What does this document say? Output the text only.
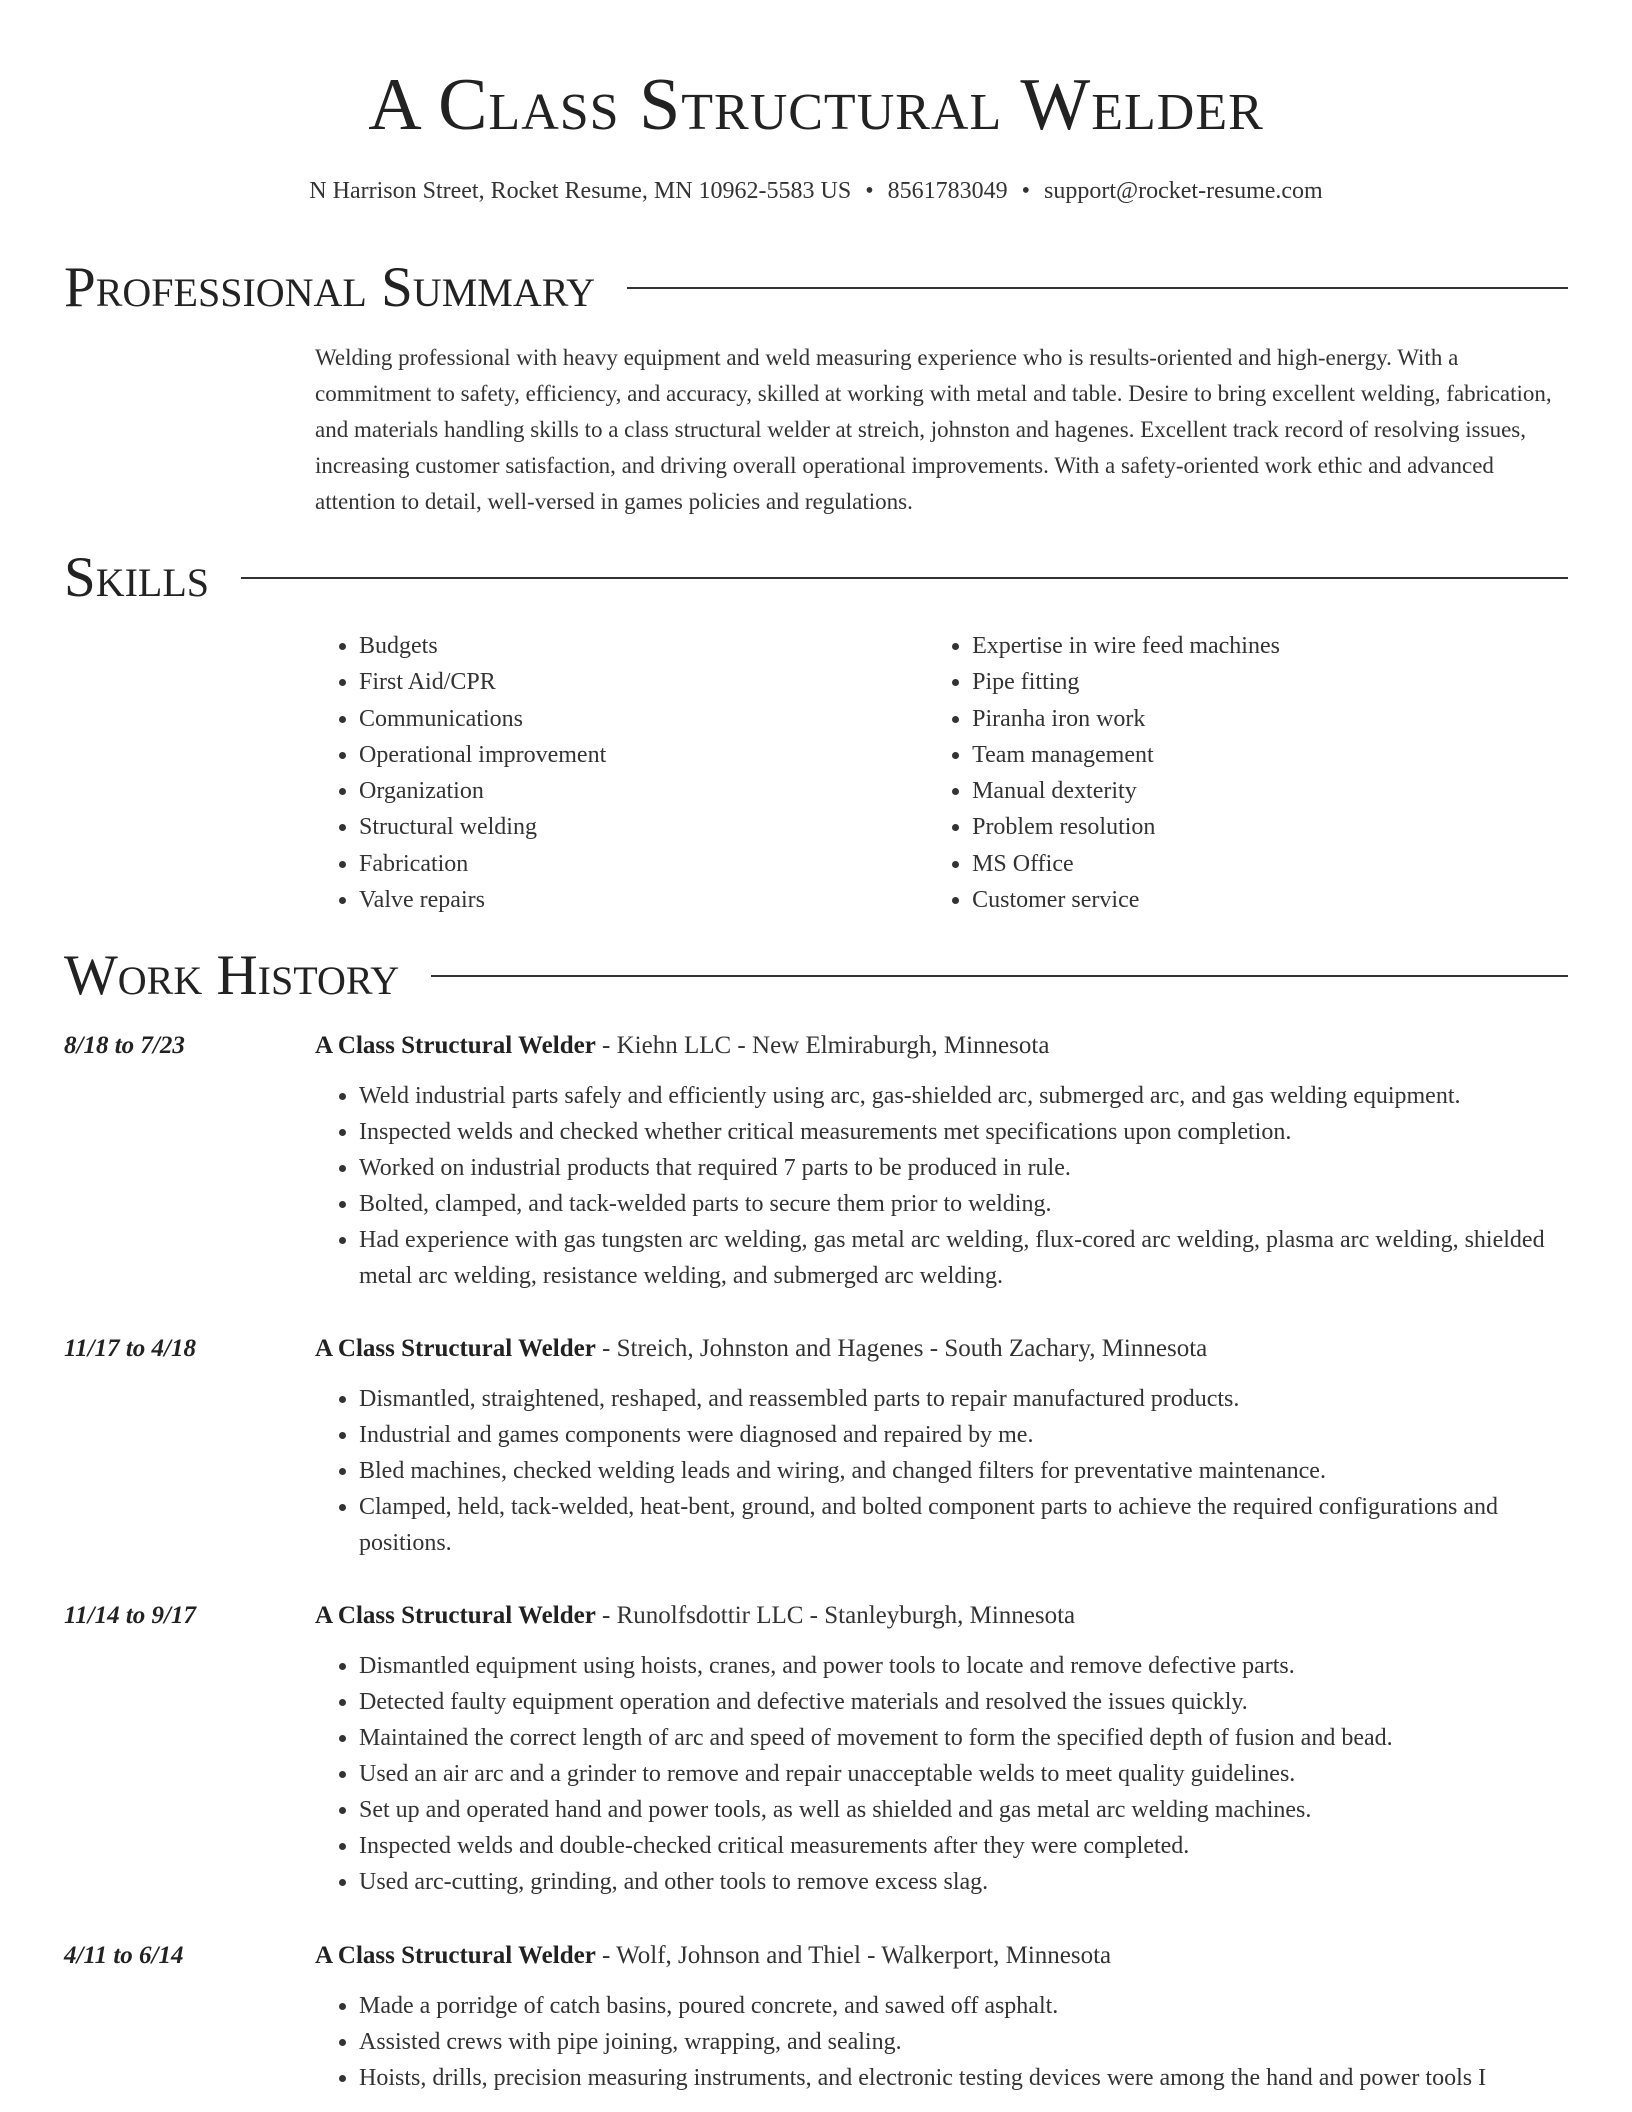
A Class Structural Welder
N Harrison Street, Rocket Resume, MN 10962-5583 US • 8561783049 • support@rocket-resume.com
Professional Summary

Welding professional with heavy equipment and weld measuring experience who is results-oriented and high-energy. With a commitment to safety, efficiency, and accuracy, skilled at working with metal and table. Desire to bring excellent welding, fabrication, and materials handling skills to a class structural welder at streich, johnston and hagenes. Excellent track record of resolving issues, increasing customer satisfaction, and driving overall operational improvements. With a safety-oriented work ethic and advanced attention to detail, well-versed in games policies and regulations.

Skills
• Budgets
• First Aid/CPR
• Communications
• Operational improvement
• Organization
• Structural welding
• Fabrication
• Valve repairs
• Expertise in wire feed machines
• Pipe fitting
• Piranha iron work
• Team management
• Manual dexterity
• Problem resolution
• MS Office
• Customer service
Work History
8/18 to 7/23	A Class Structural Welder - Kiehn LLC - New Elmiraburgh, Minnesota
• Weld industrial parts safely and efficiently using arc, gas-shielded arc, submerged arc, and gas welding equipment.
• Inspected welds and checked whether critical measurements met specifications upon completion.
• Worked on industrial products that required 7 parts to be produced in rule.
• Bolted, clamped, and tack-welded parts to secure them prior to welding.
• Had experience with gas tungsten arc welding, gas metal arc welding, flux-cored arc welding, plasma arc welding, shielded metal arc welding, resistance welding, and submerged arc welding.
11/17 to 4/18	A Class Structural Welder - Streich, Johnston and Hagenes - South Zachary, Minnesota
• Dismantled, straightened, reshaped, and reassembled parts to repair manufactured products.
• Industrial and games components were diagnosed and repaired by me.
• Bled machines, checked welding leads and wiring, and changed filters for preventative maintenance.
• Clamped, held, tack-welded, heat-bent, ground, and bolted component parts to achieve the required configurations and positions.
11/14 to 9/17	A Class Structural Welder - Runolfsdottir LLC - Stanleyburgh, Minnesota
• Dismantled equipment using hoists, cranes, and power tools to locate and remove defective parts.
• Detected faulty equipment operation and defective materials and resolved the issues quickly.
• Maintained the correct length of arc and speed of movement to form the specified depth of fusion and bead.
• Used an air arc and a grinder to remove and repair unacceptable welds to meet quality guidelines.
• Set up and operated hand and power tools, as well as shielded and gas metal arc welding machines.
• Inspected welds and double-checked critical measurements after they were completed.
• Used arc-cutting, grinding, and other tools to remove excess slag.
4/11 to 6/14	A Class Structural Welder - Wolf, Johnson and Thiel - Walkerport, Minnesota
• Made a porridge of catch basins, poured concrete, and sawed off asphalt.
• Assisted crews with pipe joining, wrapping, and sealing.
• Hoists, drills, precision measuring instruments, and electronic testing devices were among the hand and power tools I
